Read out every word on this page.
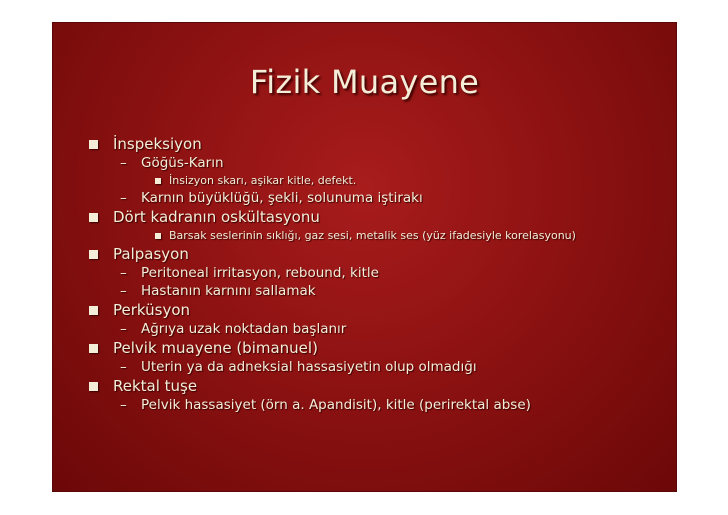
Fizik Muayene
İnspeksiyon
– Göğüs-Karın
İnsizyon skarı, aşikar kitle, defekt.
– Karnın büyüklüğü, şekli, solunuma iştirakı
Dört kadranın oskültasyonu
Barsak seslerinin sıklığı, gaz sesi, metalik ses (yüz ifadesiyle korelasyonu)
Palpasyon
– Peritoneal irritasyon, rebound, kitle
– Hastanın karnını sallamak
Perküsyon
– Ağrıya uzak noktadan başlanır
Pelvik muayene (bimanuel)
– Uterin ya da adneksial hassasiyetin olup olmadığı
Rektal tuşe
– Pelvik hassasiyet (örn a. Apandisit), kitle (perirektal abse)
